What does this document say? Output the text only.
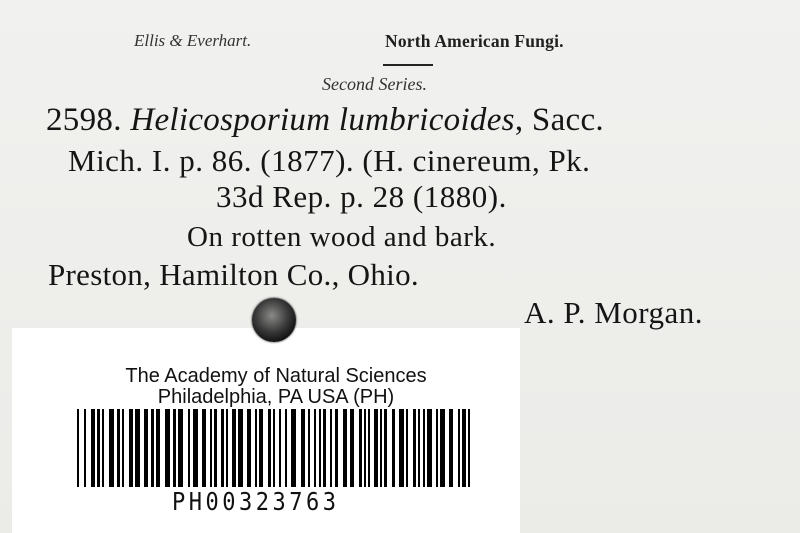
Ellis & Everhart.	North American Fungi.
Second Series.
2598. Helicosporium lumbricoides, Sacc.
Mich. I. p. 86. (1877). (H. cinereum, Pk.
33d Rep. p. 28 (1880).
On rotten wood and bark.
Preston, Hamilton Co., Ohio.
A. P. Morgan.
The Academy of Natural Sciences
Philadelphia, PA USA (PH)
PH00323763
